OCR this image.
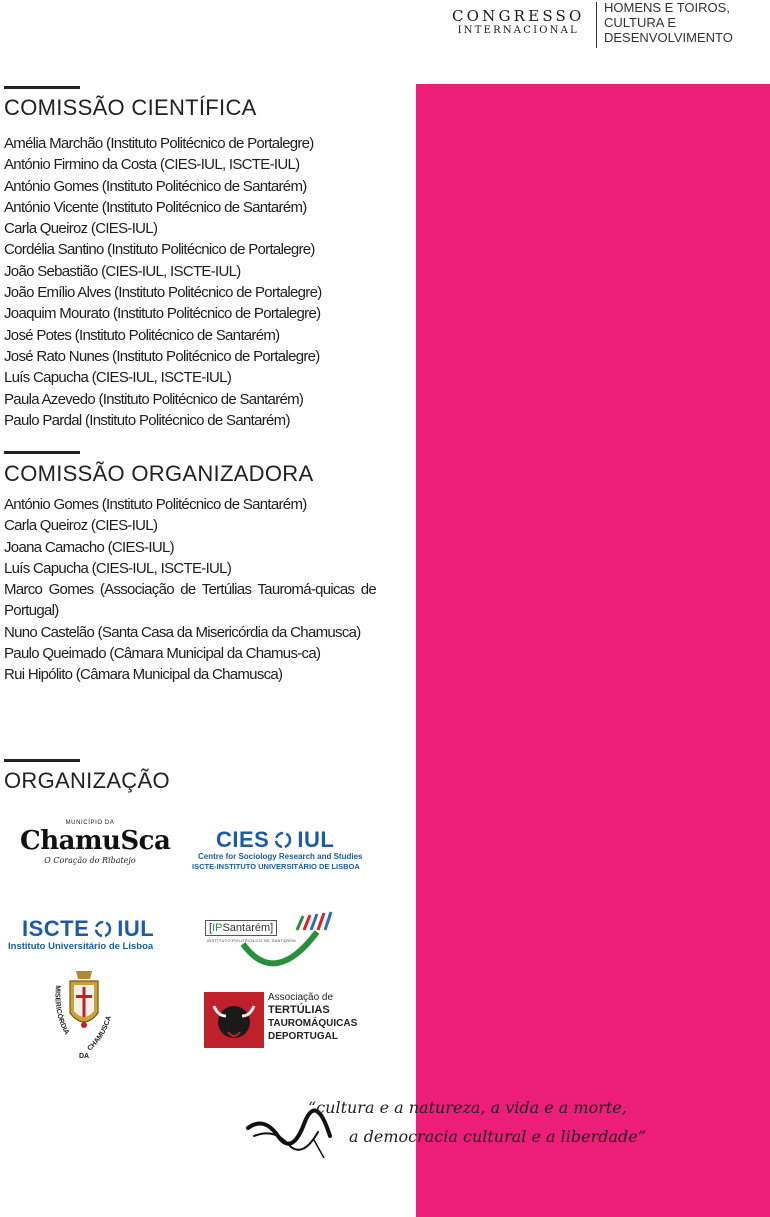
CONGRESSO
INTERNACIONAL
HOMENS E TOIROS,
CULTURA E
DESENVOLVIMENTO
COMISSÃO CIENTÍFICA
Amélia Marchão (Instituto Politécnico de Portalegre)
António Firmino da Costa (CIES-IUL, ISCTE-IUL)
António Gomes (Instituto Politécnico de Santarém)
António Vicente (Instituto Politécnico de Santarém)
Carla Queiroz (CIES-IUL)
Cordélia Santino (Instituto Politécnico de Portalegre)
João Sebastião (CIES-IUL, ISCTE-IUL)
João Emílio Alves (Instituto Politécnico de Portalegre)
Joaquim Mourato (Instituto Politécnico de Portalegre)
José Potes (Instituto Politécnico de Santarém)
José Rato Nunes (Instituto Politécnico de Portalegre)
Luís Capucha (CIES-IUL, ISCTE-IUL)
Paula Azevedo (Instituto Politécnico de Santarém)
Paulo Pardal (Instituto Politécnico de Santarém)
COMISSÃO ORGANIZADORA
António Gomes (Instituto Politécnico de Santarém)
Carla Queiroz (CIES-IUL)
Joana Camacho (CIES-IUL)
Luís Capucha (CIES-IUL, ISCTE-IUL)
Marco Gomes (Associação de Tertúlias Tauromá-quicas de Portugal)
Nuno Castelão (Santa Casa da Misericórdia da Chamusca)
Paulo Queimado (Câmara Municipal da Chamus-ca)
Rui Hipólito (Câmara Municipal da Chamusca)
ORGANIZAÇÃO
MUNICÍPIO DA
ChamuSca
O Coração do Ribatejo
CIES IUL
Centre for Sociology Research and Studies
ISCTE-INSTITUTO UNIVERSITÁRIO DE LISBOA
ISCTE IUL
Instituto Universitário de Lisboa
[IPSantarém]
INSTITUTO POLITÉCNICO DE SANTARÉM
MISERICÓRDIA
CHAMUSCA
DA
Associação de
TERTÚLIAS
TAUROMÁQUICAS
DEPORTUGAL
“cultura e a natureza, a vida e a morte,
a democracia cultural e a liberdade”
